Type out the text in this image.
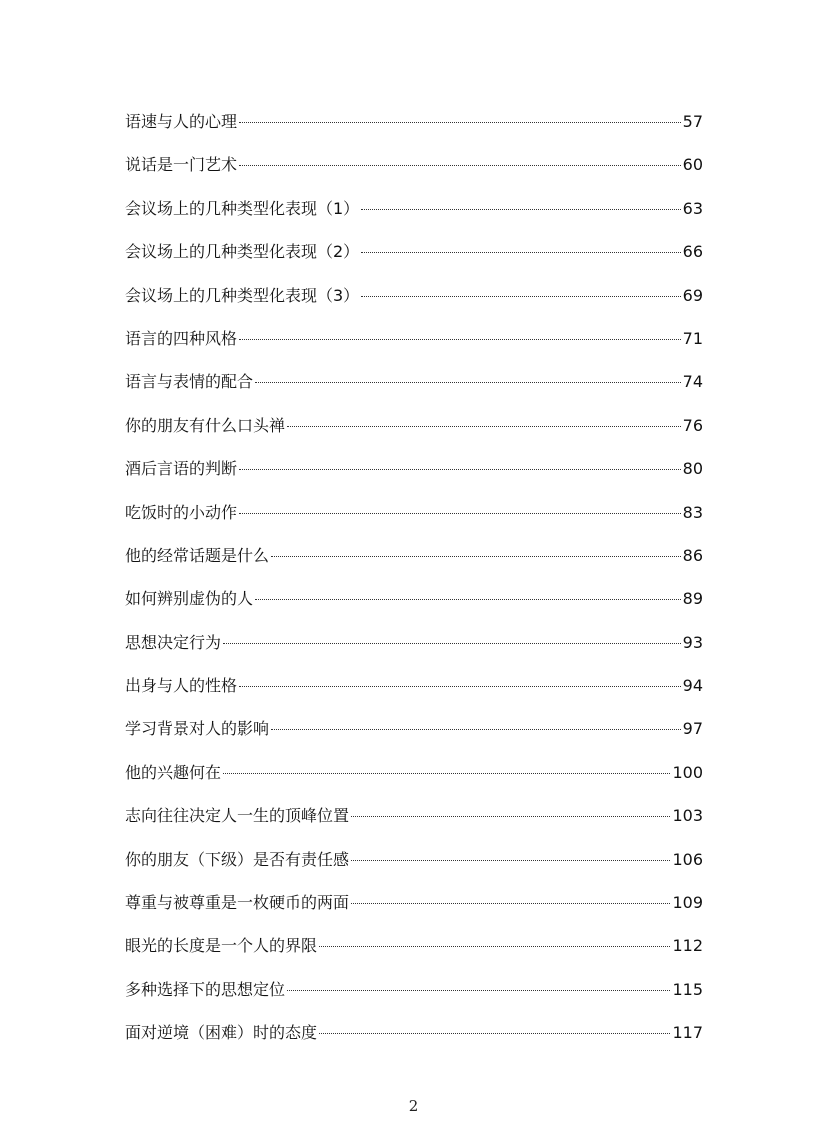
语速与人的心理	57
说话是一门艺术	60
会议场上的几种类型化表现（1）	63
会议场上的几种类型化表现（2）	66
会议场上的几种类型化表现（3）	69
语言的四种风格	71
语言与表情的配合	74
你的朋友有什么口头禅	76
酒后言语的判断	80
吃饭时的小动作	83
他的经常话题是什么	86
如何辨别虚伪的人	89
思想决定行为	93
出身与人的性格	94
学习背景对人的影响	97
他的兴趣何在	100
志向往往决定人一生的顶峰位置	103
你的朋友（下级）是否有责任感	106
尊重与被尊重是一枚硬币的两面	109
眼光的长度是一个人的界限	112
多种选择下的思想定位	115
面对逆境（困难）时的态度	117
2
